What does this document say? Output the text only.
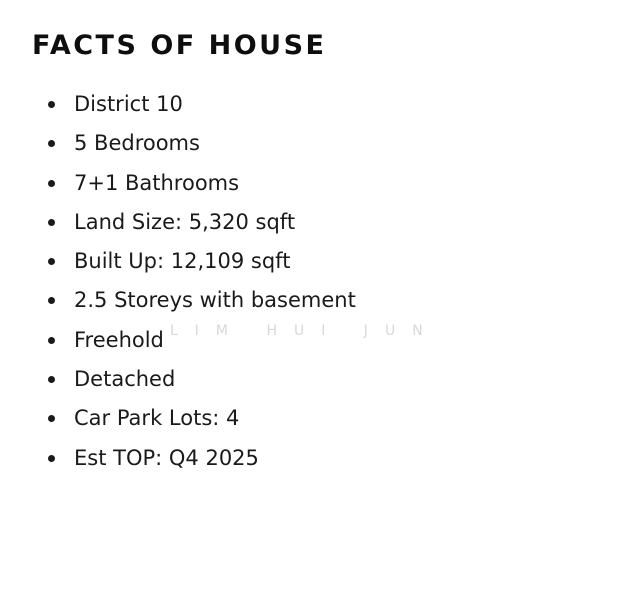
FACTS OF HOUSE
District 10
5 Bedrooms
7+1 Bathrooms
Land Size: 5,320 sqft
Built Up: 12,109 sqft
2.5 Storeys with basement
Freehold
Detached
Car Park Lots: 4
Est TOP: Q4 2025
LIM HUI JUN
